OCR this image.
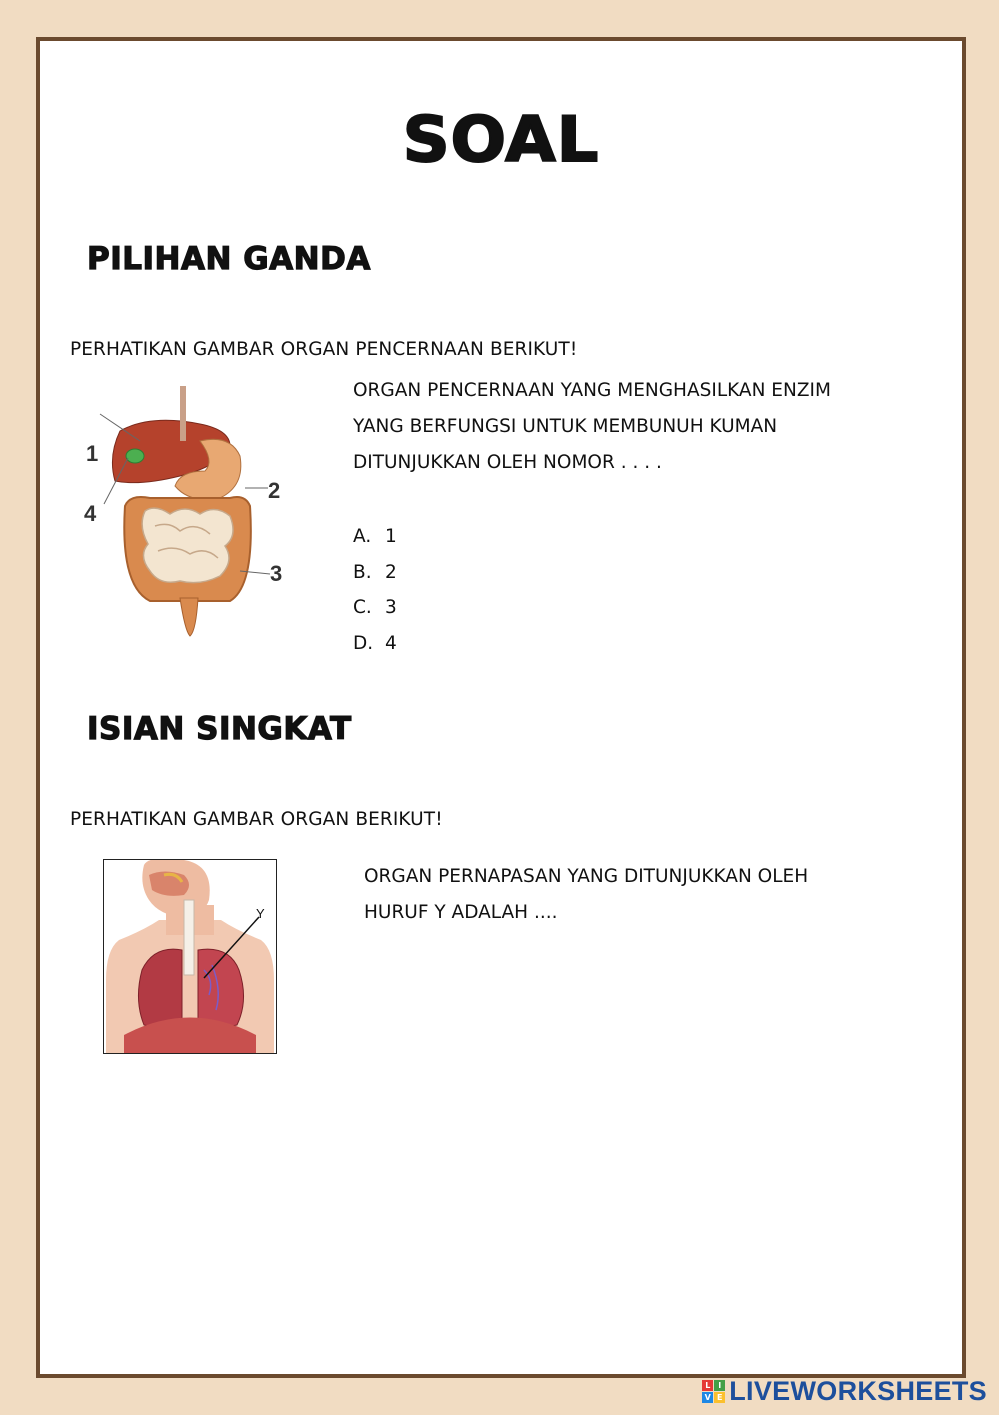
SOAL
PILIHAN GANDA
PERHATIKAN GAMBAR ORGAN PENCERNAAN BERIKUT!
1
2
3
4
ORGAN PENCERNAAN YANG MENGHASILKAN ENZIM
YANG BERFUNGSI UNTUK MEMBUNUH KUMAN
DITUNJUKKAN OLEH NOMOR . . . .
A. 1
B. 2
C. 3
D. 4
ISIAN SINGKAT
PERHATIKAN GAMBAR ORGAN BERIKUT!
Y
ORGAN PERNAPASAN YANG DITUNJUKKAN OLEH
HURUF Y ADALAH ....
L I
V E LIVEWORKSHEETS
